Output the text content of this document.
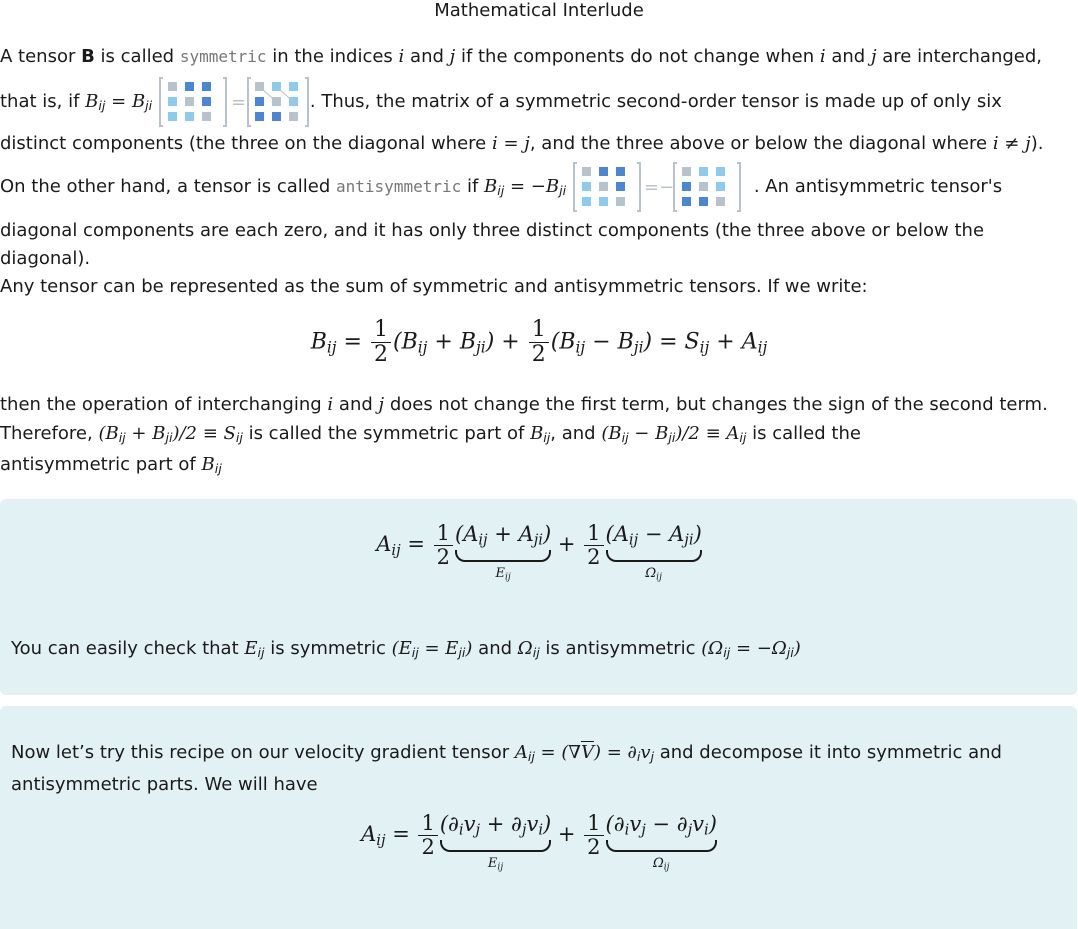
Mathematical Interlude
A tensor B is called symmetric in the indices i and j if the components do not change when i and j are interchanged,
that is, if $B_{ij} = B_{ji}$	=	. Thus, the matrix of a symmetric second-order tensor is made up of only six
distinct components (the three on the diagonal where i = j, and the three above or below the diagonal where i ≠ j).
On the other hand, a tensor is called antisymmetric if $B_{ij} = -B_{ji}$	=−	. An antisymmetric tensor's
diagonal components are each zero, and it has only three distinct components (the three above or below the
diagonal).
Any tensor can be represented as the sum of symmetric and antisymmetric tensors. If we write:
$B_{ij} = \frac{1}{2} (B_{ij} + B_{ji}) + \frac{1}{2} (B_{ij} - B_{ji}) = S_{ij} + A_{ij}$
then the operation of interchanging i and j does not change the first term, but changes the sign of the second term.
Therefore, $(B_{ij} + B_{ji})/2 \equiv S_{ij}$ is called the symmetric part of $B_{ij}$, and $(B_{ij} - B_{ji})/2 \equiv A_{ij}$ is called the
antisymmetric part of $B_{ij}$
$A_{ij} = \frac{1}{2} (A_{ij} + A_{ji})$
$E_{ij}$
+ $\frac{1}{2} (A_{ij} - A_{ji})$
$\Omega_{ij}$
You can easily check that $E_{ij}$ is symmetric $(E_{ij} = E_{ji})$ and $\Omega_{ij}$ is antisymmetric $(\Omega_{ij} = -\Omega_{ji})$
Now let’s try this recipe on our velocity gradient tensor $A_{ij} = (\nabla\overline{V}) = \partial_iv_j$ and decompose it into symmetric and
antisymmetric parts. We will have
$A_{ij} = \frac{1}{2} (\partial_iv_j + \partial_jv_i)$
$E_{ij}$
+ $\frac{1}{2} (\partial_iv_j - \partial_jv_i)$
$\Omega_{ij}$
